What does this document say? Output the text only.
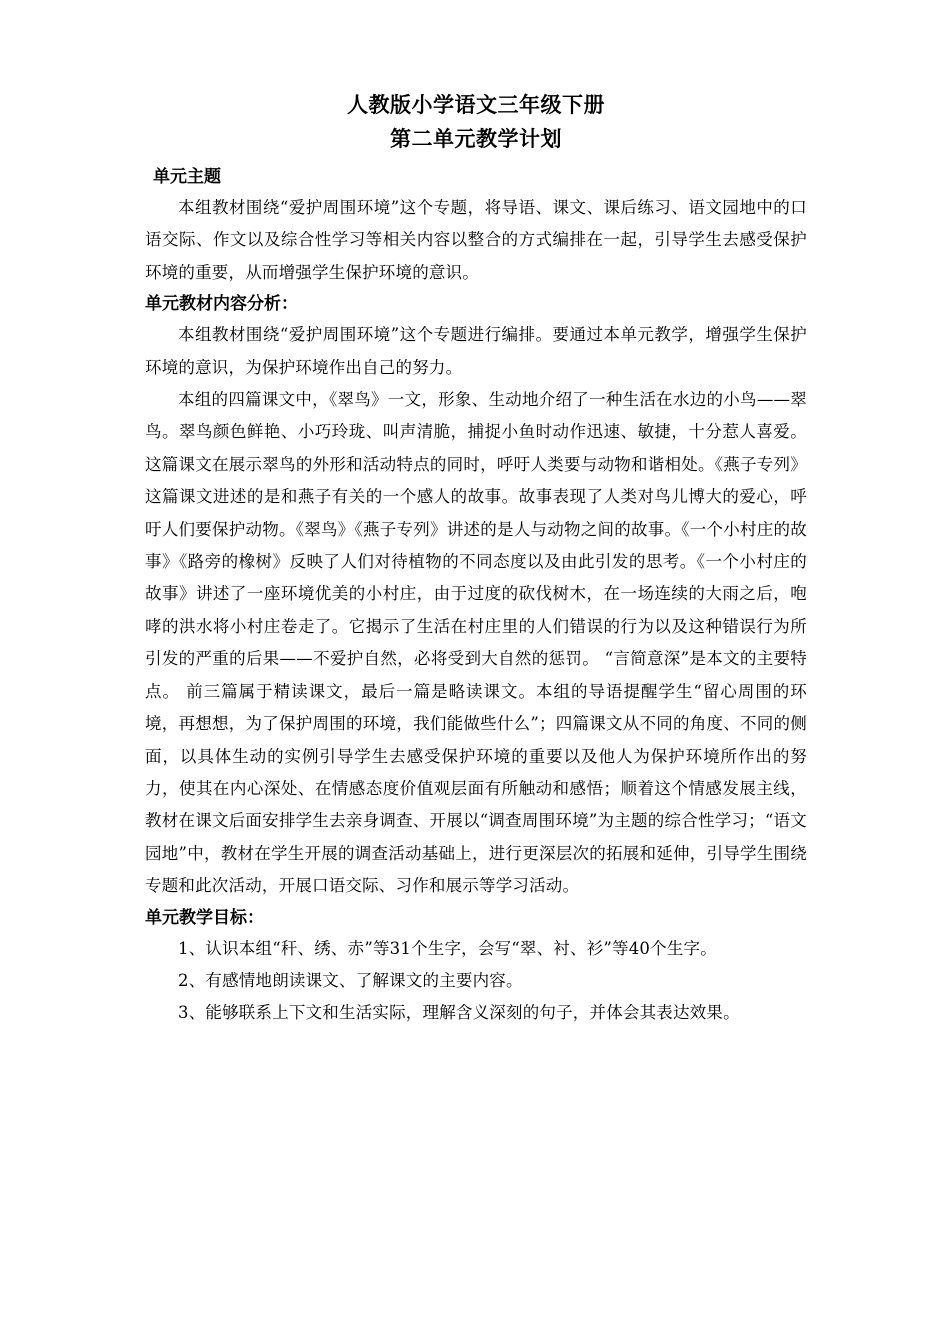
人教版小学语文三年级下册
第二单元教学计划
单元主题

本组教材围绕“爱护周围环境”这个专题，将导语、课文、课后练习、语文园地中的口语交际、作文以及综合性学习等相关内容以整合的方式编排在一起，引导学生去感受保护环境的重要，从而增强学生保护环境的意识。

单元教材内容分析：

本组教材围绕“爱护周围环境”这个专题进行编排。要通过本单元教学，增强学生保护环境的意识，为保护环境作出自己的努力。

本组的四篇课文中，《翠鸟》一文，形象、生动地介绍了一种生活在水边的小鸟——翠鸟。翠鸟颜色鲜艳、小巧玲珑、叫声清脆，捕捉小鱼时动作迅速、敏捷，十分惹人喜爱。这篇课文在展示翠鸟的外形和活动特点的同时，呼吁人类要与动物和谐相处。《燕子专列》这篇课文进述的是和燕子有关的一个感人的故事。故事表现了人类对鸟儿博大的爱心，呼吁人们要保护动物。《翠鸟》《燕子专列》讲述的是人与动物之间的故事。《一个小村庄的故事》《路旁的橡树》反映了人们对待植物的不同态度以及由此引发的思考。《一个小村庄的故事》讲述了一座环境优美的小村庄，由于过度的砍伐树木，在一场连续的大雨之后，咆哮的洪水将小村庄卷走了。它揭示了生活在村庄里的人们错误的行为以及这种错误行为所引发的严重的后果——不爱护自然，必将受到大自然的惩罚。 “言简意深”是本文的主要特点。 前三篇属于精读课文，最后一篇是略读课文。本组的导语提醒学生“留心周围的环境，再想想，为了保护周围的环境，我们能做些什么”；四篇课文从不同的角度、不同的侧面，以具体生动的实例引导学生去感受保护环境的重要以及他人为保护环境所作出的努力，使其在内心深处、在情感态度价值观层面有所触动和感悟；顺着这个情感发展主线，教材在课文后面安排学生去亲身调查、开展以“调查周围环境”为主题的综合性学习；“语文园地”中，教材在学生开展的调查活动基础上，进行更深层次的拓展和延伸，引导学生围绕专题和此次活动，开展口语交际、习作和展示等学习活动。

单元教学目标：

1、认识本组“秆、绣、赤”等31个生字，会写“翠、衬、衫”等40个生字。

2、有感情地朗读课文、了解课文的主要内容。

3、能够联系上下文和生活实际，理解含义深刻的句子，并体会其表达效果。
